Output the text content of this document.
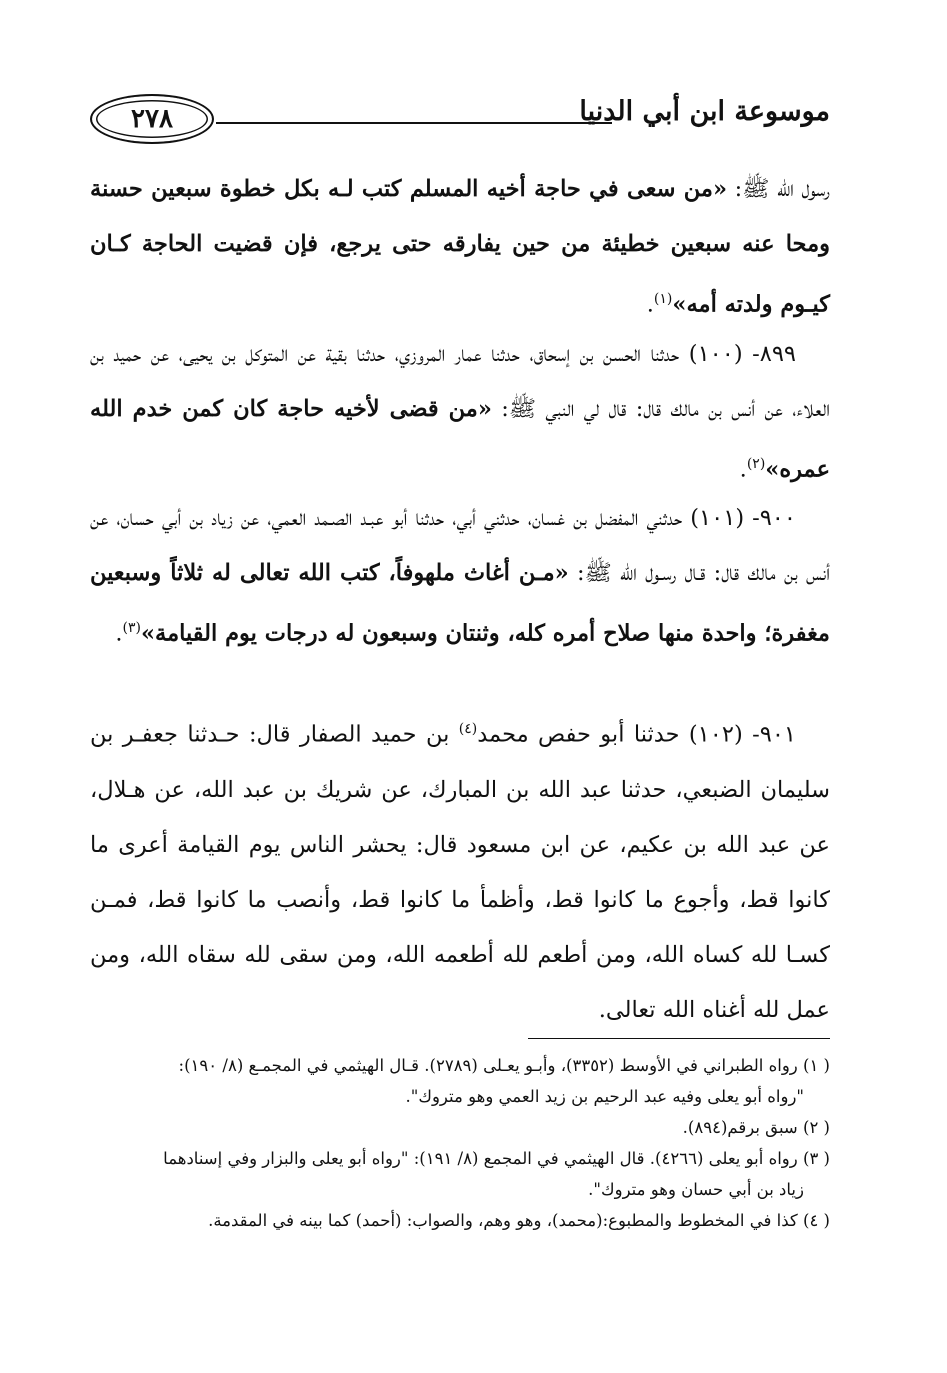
٢٧٨	موسوعة ابن أبي الدنيا

رسول الله ﷺ: «من سعى في حاجة أخيه المسلم كتب لـه بكل خطوة سبعين حسنة ومحا عنه سبعين خطيئة من حين يفارقه حتى يرجع، فإن قضيت الحاجة كـان كيـوم ولدته أمه»$^{(١)}$.

٨٩٩- (١٠٠) حدثنا الحسن بن إسحاق، حدثنا عمار المروزي، حدثنا بقية عن المتوكل بن يحيى، عن حميد بن العلاء، عن أنس بن مالك قال: قال لي النبي ﷺ: «من قضى لأخيه حاجة كان كمن خدم الله عمره»$^{(٢)}$.

٩٠٠- (١٠١) حدثني المفضل بن غسان، حدثني أبي، حدثنا أبو عبـد الصـمد العمي، عن زياد بن أبي حسان، عن أنس بن مالك قال: قـال رسـول الله ﷺ: «مـن أغاث ملهوفاً، كتب الله تعالى له ثلاثاً وسبعين مغفرة؛ واحدة منها صلاح أمره كله، وثنتان وسبعون له درجات يوم القيامة»$^{(٣)}$.

٩٠١- (١٠٢) حدثنا أبو حفص محمد$^{(٤)}$ بن حميد الصفار قال: حـدثنا جعفـر بن سليمان الضبعي، حدثنا عبد الله بن المبارك، عن شريك بن عبد الله، عن هـلال، عن عبد الله بن عكيم، عن ابن مسعود قال: يحشر الناس يوم القيامة أعرى ما كانوا قط، وأجوع ما كانوا قط، وأظمأ ما كانوا قط، وأنصب ما كانوا قط، فمـن كسـا لله كساه الله، ومن أطعم لله أطعمه الله، ومن سقى لله سقاه الله، ومن عمل لله أغناه الله تعالى.

( ١) رواه الطبراني في الأوسط (٣٣٥٢)، وأبـو يعـلى (٢٧٨٩). قـال الهيثمي في المجمـع (٨/ ١٩٠):

"رواه أبو يعلى وفيه عبد الرحيم بن زيد العمي وهو متروك".

( ٢) سبق برقم(٨٩٤).

( ٣) رواه أبو يعلى (٤٢٦٦). قال الهيثمي في المجمع (٨/ ١٩١): "رواه أبو يعلى والبزار وفي إسنادهما

زياد بن أبي حسان وهو متروك".

( ٤) كذا في المخطوط والمطبوع:(محمد)، وهو وهم، والصواب: (أحمد) كما بينه في المقدمة.
